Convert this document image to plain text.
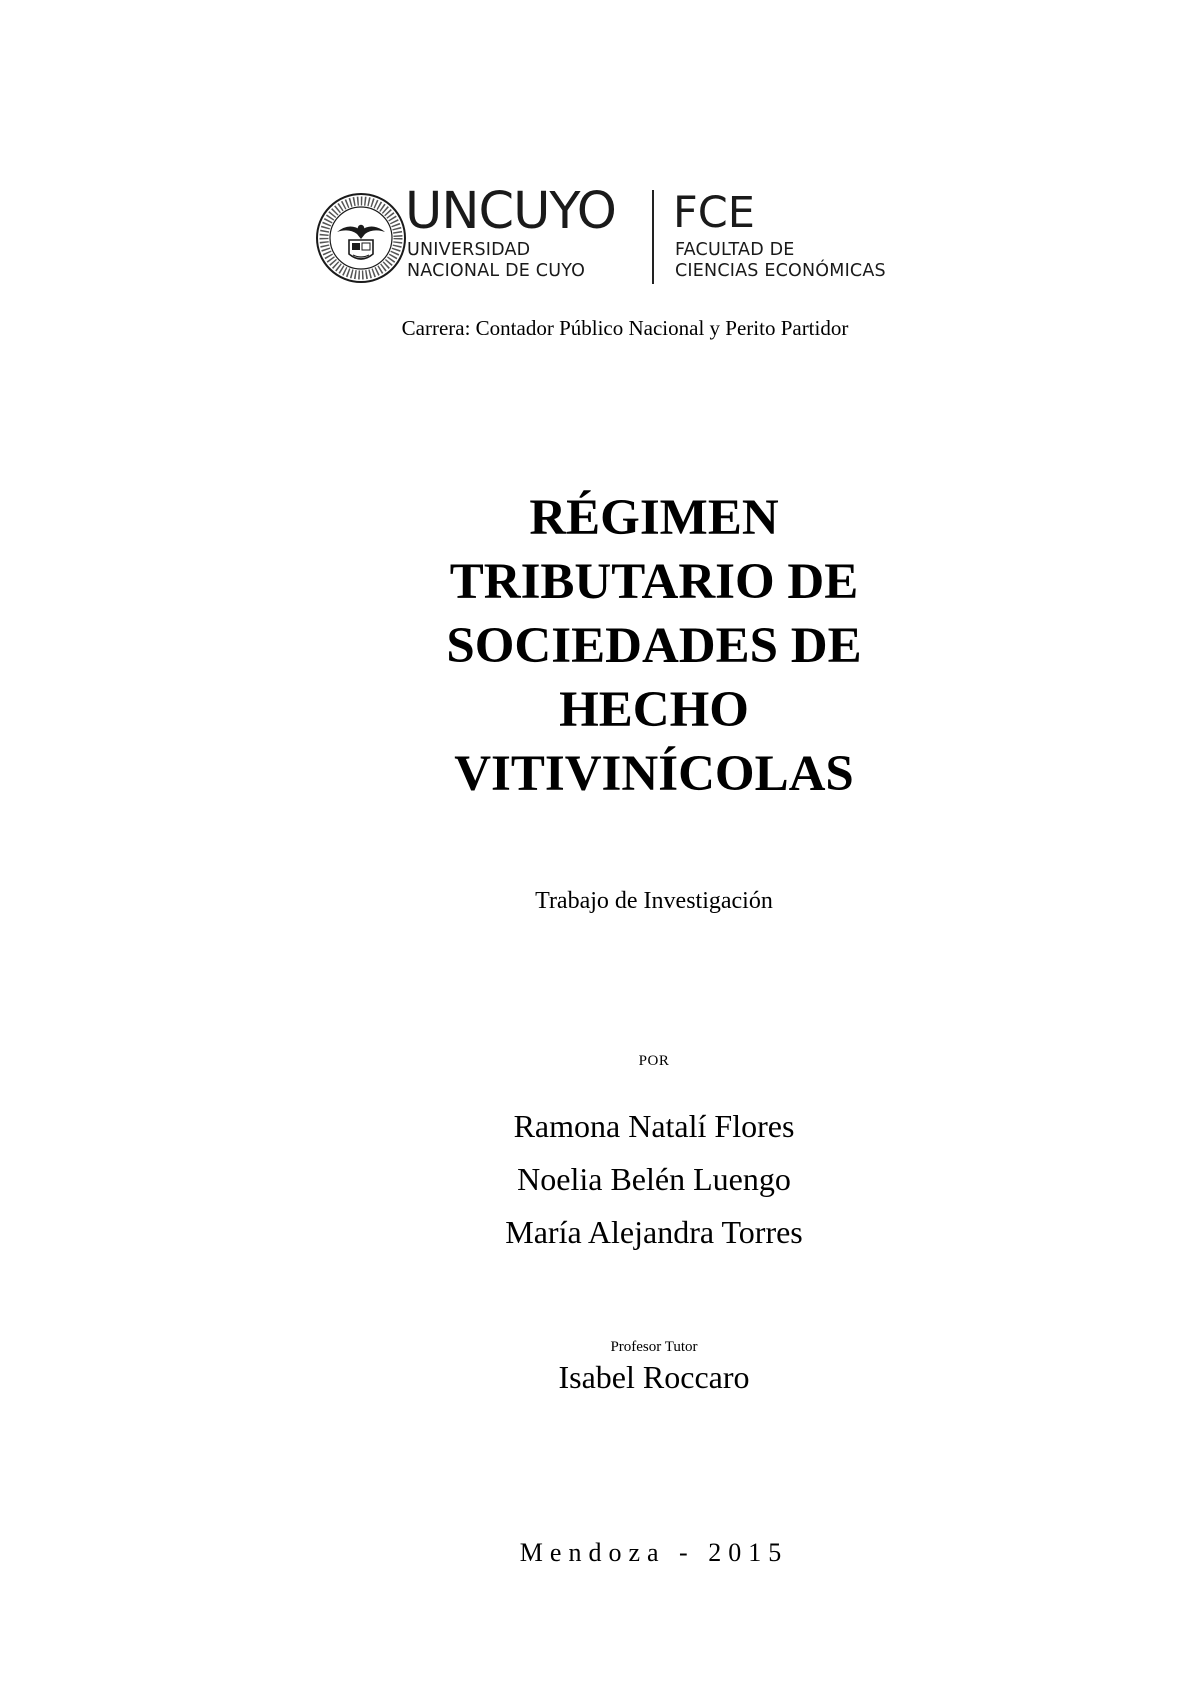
UNCUYO
UNIVERSIDAD
NACIONAL DE CUYO
FCE
FACULTAD DE
CIENCIAS ECONÓMICAS
Carrera: Contador Público Nacional y Perito Partidor
RÉGIMEN
TRIBUTARIO DE
SOCIEDADES DE
HECHO
VITIVINÍCOLAS
Trabajo de Investigación
POR
Ramona Natalí Flores
Noelia Belén Luengo
María Alejandra Torres
Profesor Tutor
Isabel Roccaro
Mendoza - 2015
